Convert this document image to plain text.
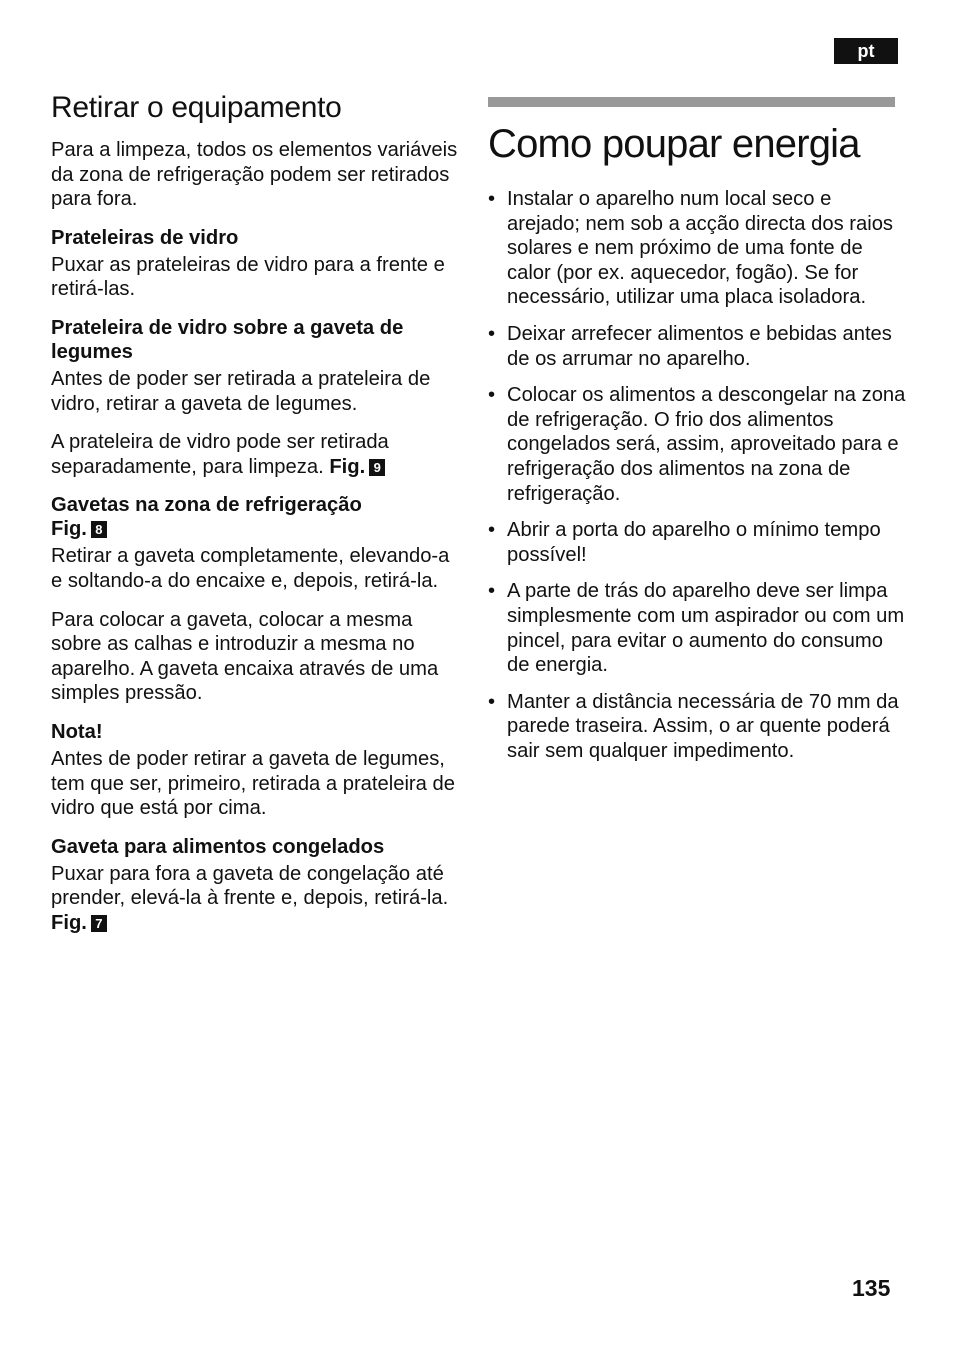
pt
Retirar o equipamento

Para a limpeza, todos os elementos variáveis da zona de refrigeração podem ser retirados para fora.

Prateleiras de vidro

Puxar as prateleiras de vidro para a frente e retirá-las.

Prateleira de vidro sobre a gaveta de legumes

Antes de poder ser retirada a prateleira de vidro, retirar a gaveta de legumes.

A prateleira de vidro pode ser retirada separadamente, para limpeza. Fig. 9

Gavetas na zona de refrigeração
Fig. 8

Retirar a gaveta completamente, elevando-a e soltando-a do encaixe e, depois, retirá-la.

Para colocar a gaveta, colocar a mesma sobre as calhas e introduzir a mesma no aparelho. A gaveta encaixa através de uma simples pressão.

Nota!

Antes de poder retirar a gaveta de legumes, tem que ser, primeiro, retirada a prateleira de vidro que está por cima.

Gaveta para alimentos congelados

Puxar para fora a gaveta de congelação até prender, elevá-la à frente e, depois, retirá-la. Fig. 7

Como poupar energia
• Instalar o aparelho num local seco e arejado; nem sob a acção directa dos raios solares e nem próximo de uma fonte de calor (por ex. aquecedor, fogão). Se for necessário, utilizar uma placa isoladora.
• Deixar arrefecer alimentos e bebidas antes de os arrumar no aparelho.
• Colocar os alimentos a descongelar na zona de refrigeração. O frio dos alimentos congelados será, assim, aproveitado para e refrigeração dos alimentos na zona de refrigeração.
• Abrir a porta do aparelho o mínimo tempo possível!
• A parte de trás do aparelho deve ser limpa simplesmente com um aspirador ou com um pincel, para evitar o aumento do consumo de energia.
• Manter a distância necessária de 70 mm da parede traseira. Assim, o ar quente poderá sair sem qualquer impedimento.
135
